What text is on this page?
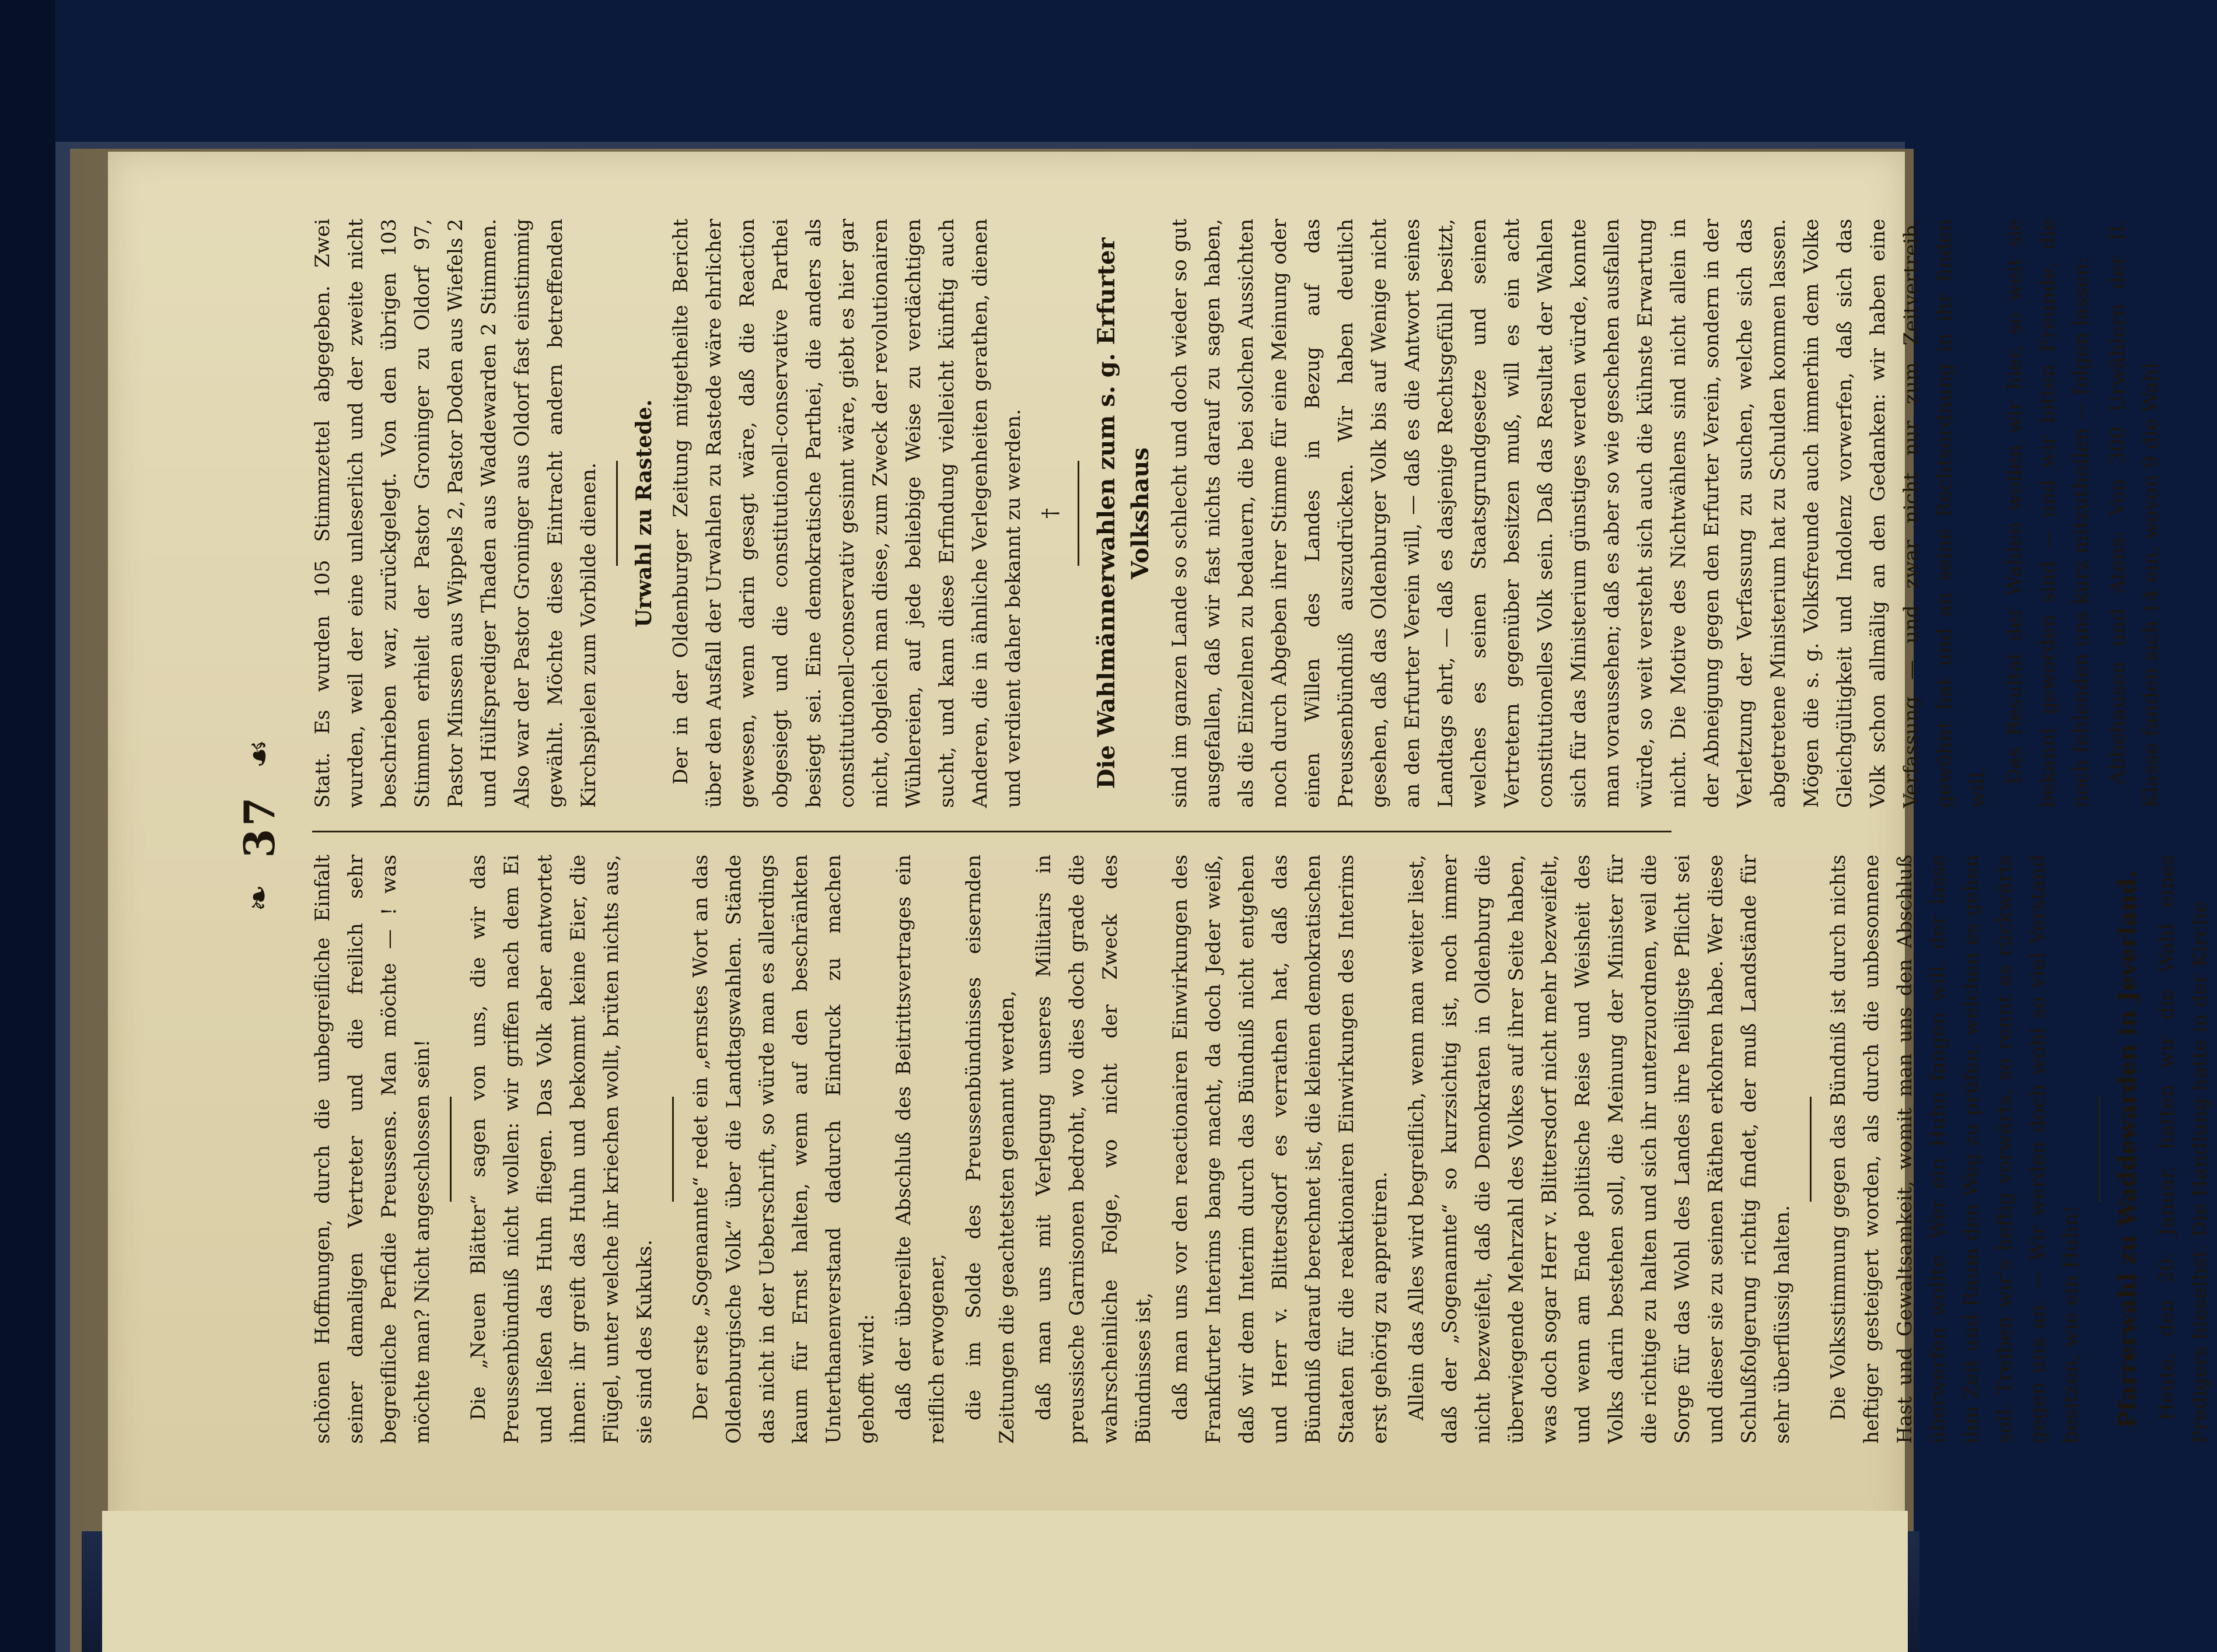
❧ 37 ☙

schönen Hoffnungen, durch die unbegreifliche Einfalt seiner damaligen Vertreter und die freilich sehr begreifliche Perfidie Preussens. Man möchte — ! was möchte man? Nicht angeschlossen sein! Die „Neuen Blätter“ sagen von uns, die wir das Preussenbündniß nicht wollen: wir griffen nach dem Ei und ließen das Huhn fliegen. Das Volk aber antwortet ihnen: ihr greift das Huhn und bekommt keine Eier, die Flügel, unter welche ihr kriechen wollt, brüten nichts aus, sie sind des Kukuks. Der erste „Sogenannte“ redet ein „ernstes Wort an das Oldenburgische Volk“ über die Landtagswahlen. Stände das nicht in der Ueberschrift, so würde man es allerdings kaum für Ernst halten, wenn auf den beschränkten Unterthanenverstand dadurch Eindruck zu machen gehofft wird: daß der übereilte Abschluß des Beitrittsvertrages ein reiflich erwogener, die im Solde des Preussenbündnisses eisernden Zeitungen die geachtetsten genannt werden, daß man uns mit Verlegung unseres Militairs in preussische Garnisonen bedroht, wo dies doch grade die wahrscheinliche Folge, wo nicht der Zweck des Bündnisses ist, daß man uns vor den reactionairen Einwirkungen des Frankfurter Interims bange macht, da doch Jeder weiß, daß wir dem Interim durch das Bündniß nicht entgehen und Herr v. Blittersdorf es verrathen hat, daß das Bündniß darauf berechnet ist, die kleinen demokratischen Staaten für die reaktionairen Einwirkungen des Interims erst gehörig zu appretiren. Allein das Alles wird begreiflich, wenn man weiter liest, daß der „Sogenannte“ so kurzsichtig ist, noch immer nicht bezweifelt, daß die Demokraten in Oldenburg die überwiegende Mehrzahl des Volkes auf ihrer Seite haben, was doch sogar Herr v. Blittersdorf nicht mehr bezweifelt, und wenn am Ende politische Reise und Weisheit des Volks darin bestehen soll, die Meinung der Minister für die richtige zu halten und sich ihr unterzuordnen, weil die Sorge für das Wohl des Landes ihre heiligste Pflicht sei und dieser sie zu seinen Räthen erkohren habe. Wer diese Schlußfolgerung richtig findet, der muß Landstände für sehr überflüssig halten. Die Volksstimmung gegen das Bündniß ist durch nichts heftiger gesteigert worden, als durch die unbesonnene Hast und Gewaltsamkeit, womit man uns den Abschluß überwerfen wollte. Wer ein Huhn fangen will, der lasse ihm Zeit und Raum den Weg zu prüfen, welchen es gehen soll. Treiben wir's heftig vorwärts, so rennt es rückwärts gegen uns an. — Wir werden doch wohl so viel Verstand besitzen, wie ein Huhn! Pfarrerwahl zu Waddewarden in Jeverland. Heute, den 20. Januar, hatten wir die Wahl eines Predigers hieselbst. Die Handlung hatte in der Kirche

Statt. Es wurden 105 Stimmzettel abgegeben. Zwei wurden, weil der eine unleserlich und der zweite nicht beschrieben war, zurückgelegt. Von den übrigen 103 Stimmen erhielt der Pastor Groninger zu Oldorf 97, Pastor Minssen aus Wippels 2, Pastor Doden aus Wiefels 2 und Hülfsprediger Thaden aus Waddewarden 2 Stimmen. Also war der Pastor Groninger aus Oldorf fast einstimmig gewählt. Möchte diese Eintracht andern betreffenden Kirchspielen zum Vorbilde dienen. Urwahl zu Rastede. Der in der Oldenburger Zeitung mitgetheilte Bericht über den Ausfall der Urwahlen zu Rastede wäre ehrlicher gewesen, wenn darin gesagt wäre, daß die Reaction obgesiegt und die constitutionell-conservative Parthei besiegt sei. Eine demokratische Parthei, die anders als constitutionell-conservativ gesinnt wäre, giebt es hier gar nicht, obgleich man diese, zum Zweck der revolutionairen Wühlereien, auf jede beliebige Weise zu verdächtigen sucht, und kann diese Erfindung vielleicht künftig auch Anderen, die in ähnliche Verlegenheiten gerathen, dienen und verdient daher bekannt zu werden. † Die Wahlmännerwahlen zum s. g. Erfurter Volkshaus sind im ganzen Lande so schlecht und doch wieder so gut ausgefallen, daß wir fast nichts darauf zu sagen haben, als die Einzelnen zu bedauern, die bei solchen Aussichten noch durch Abgeben ihrer Stimme für eine Meinung oder einen Willen des Landes in Bezug auf das Preussenbündniß auszudrücken. Wir haben deutlich gesehen, daß das Oldenburger Volk bis auf Wenige nicht an den Erfurter Verein will, — daß es die Antwort seines Landtags ehrt, — daß es dasjenige Rechtsgefühl besitzt, welches es seinen Staatsgrundgesetze und seinen Vertretern gegenüber besitzen muß, will es ein acht constitutionelles Volk sein. Daß das Resultat der Wahlen sich für das Ministerium günstiges werden würde, konnte man voraussehen; daß es aber so wie geschehen ausfallen würde, so weit versteht sich auch die kühnste Erwartung nicht. Die Motive des Nichtwählens sind nicht allein in der Abneigung gegen den Erfurter Verein, sondern in der Verletzung der Verfassung zu suchen, welche sich das abgetretene Ministerium hat zu Schulden kommen lassen. Mögen die s. g. Volksfreunde auch immerhin dem Volke Gleichgültigkeit und Indolenz vorwerfen, daß sich das Volk schon allmälig an den Gedanken: wir haben eine Verfassung — und zwar nicht nur zum Zeitvertreib, gewöhnt hat und an seine Rechtsordnung in ihr finden will.

Das Resultat der Wahlen wollen wir hier, so weit sie bekannt geworden sind — und wir bitten Freunde, die noch fehlenden uns kurz mitzutheilen — folgen lassen: Abbehausen und Atens: Von 300 Urwählern der II. Klasse fanden sich 14 ein, wovon 9 die Wahl
